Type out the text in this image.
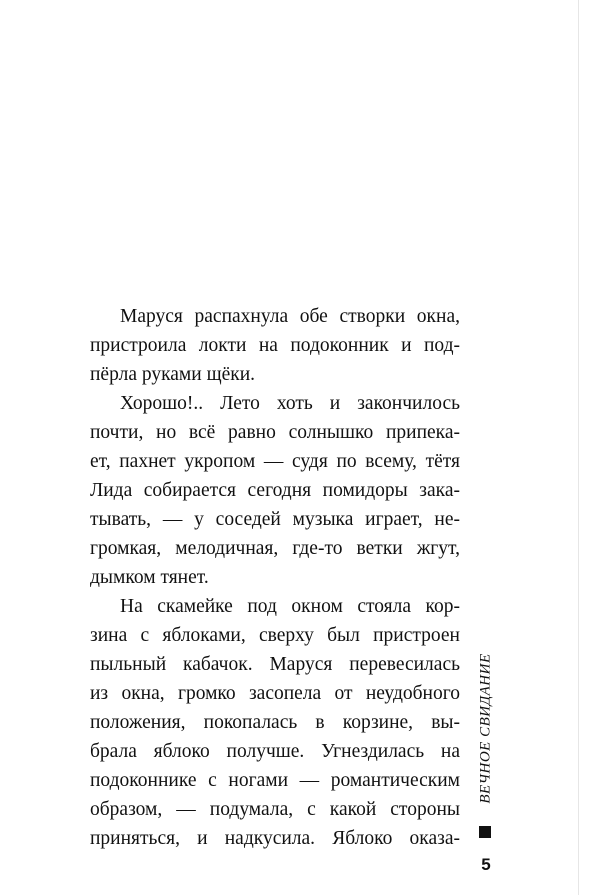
Маруся распахнула обе створки окна,
пристроила локти на подоконник и под-
пёрла руками щёки.
Хорошо!.. Лето хоть и закончилось
почти, но всё равно солнышко припека-
ет, пахнет укропом — судя по всему, тётя
Лида собирается сегодня помидоры зака-
тывать, — у соседей музыка играет, не-
громкая, мелодичная, где-то ветки жгут,
дымком тянет.
На скамейке под окном стояла кор-
зина с яблоками, сверху был пристроен
пыльный кабачок. Маруся перевесилась
из окна, громко засопела от неудобного
положения, покопалась в корзине, вы-
брала яблоко получше. Угнездилась на
подоконнике с ногами — романтическим
образом, — подумала, с какой стороны
приняться, и надкусила. Яблоко оказа-
ВЕЧНОЕ СВИДАНИЕ
5
